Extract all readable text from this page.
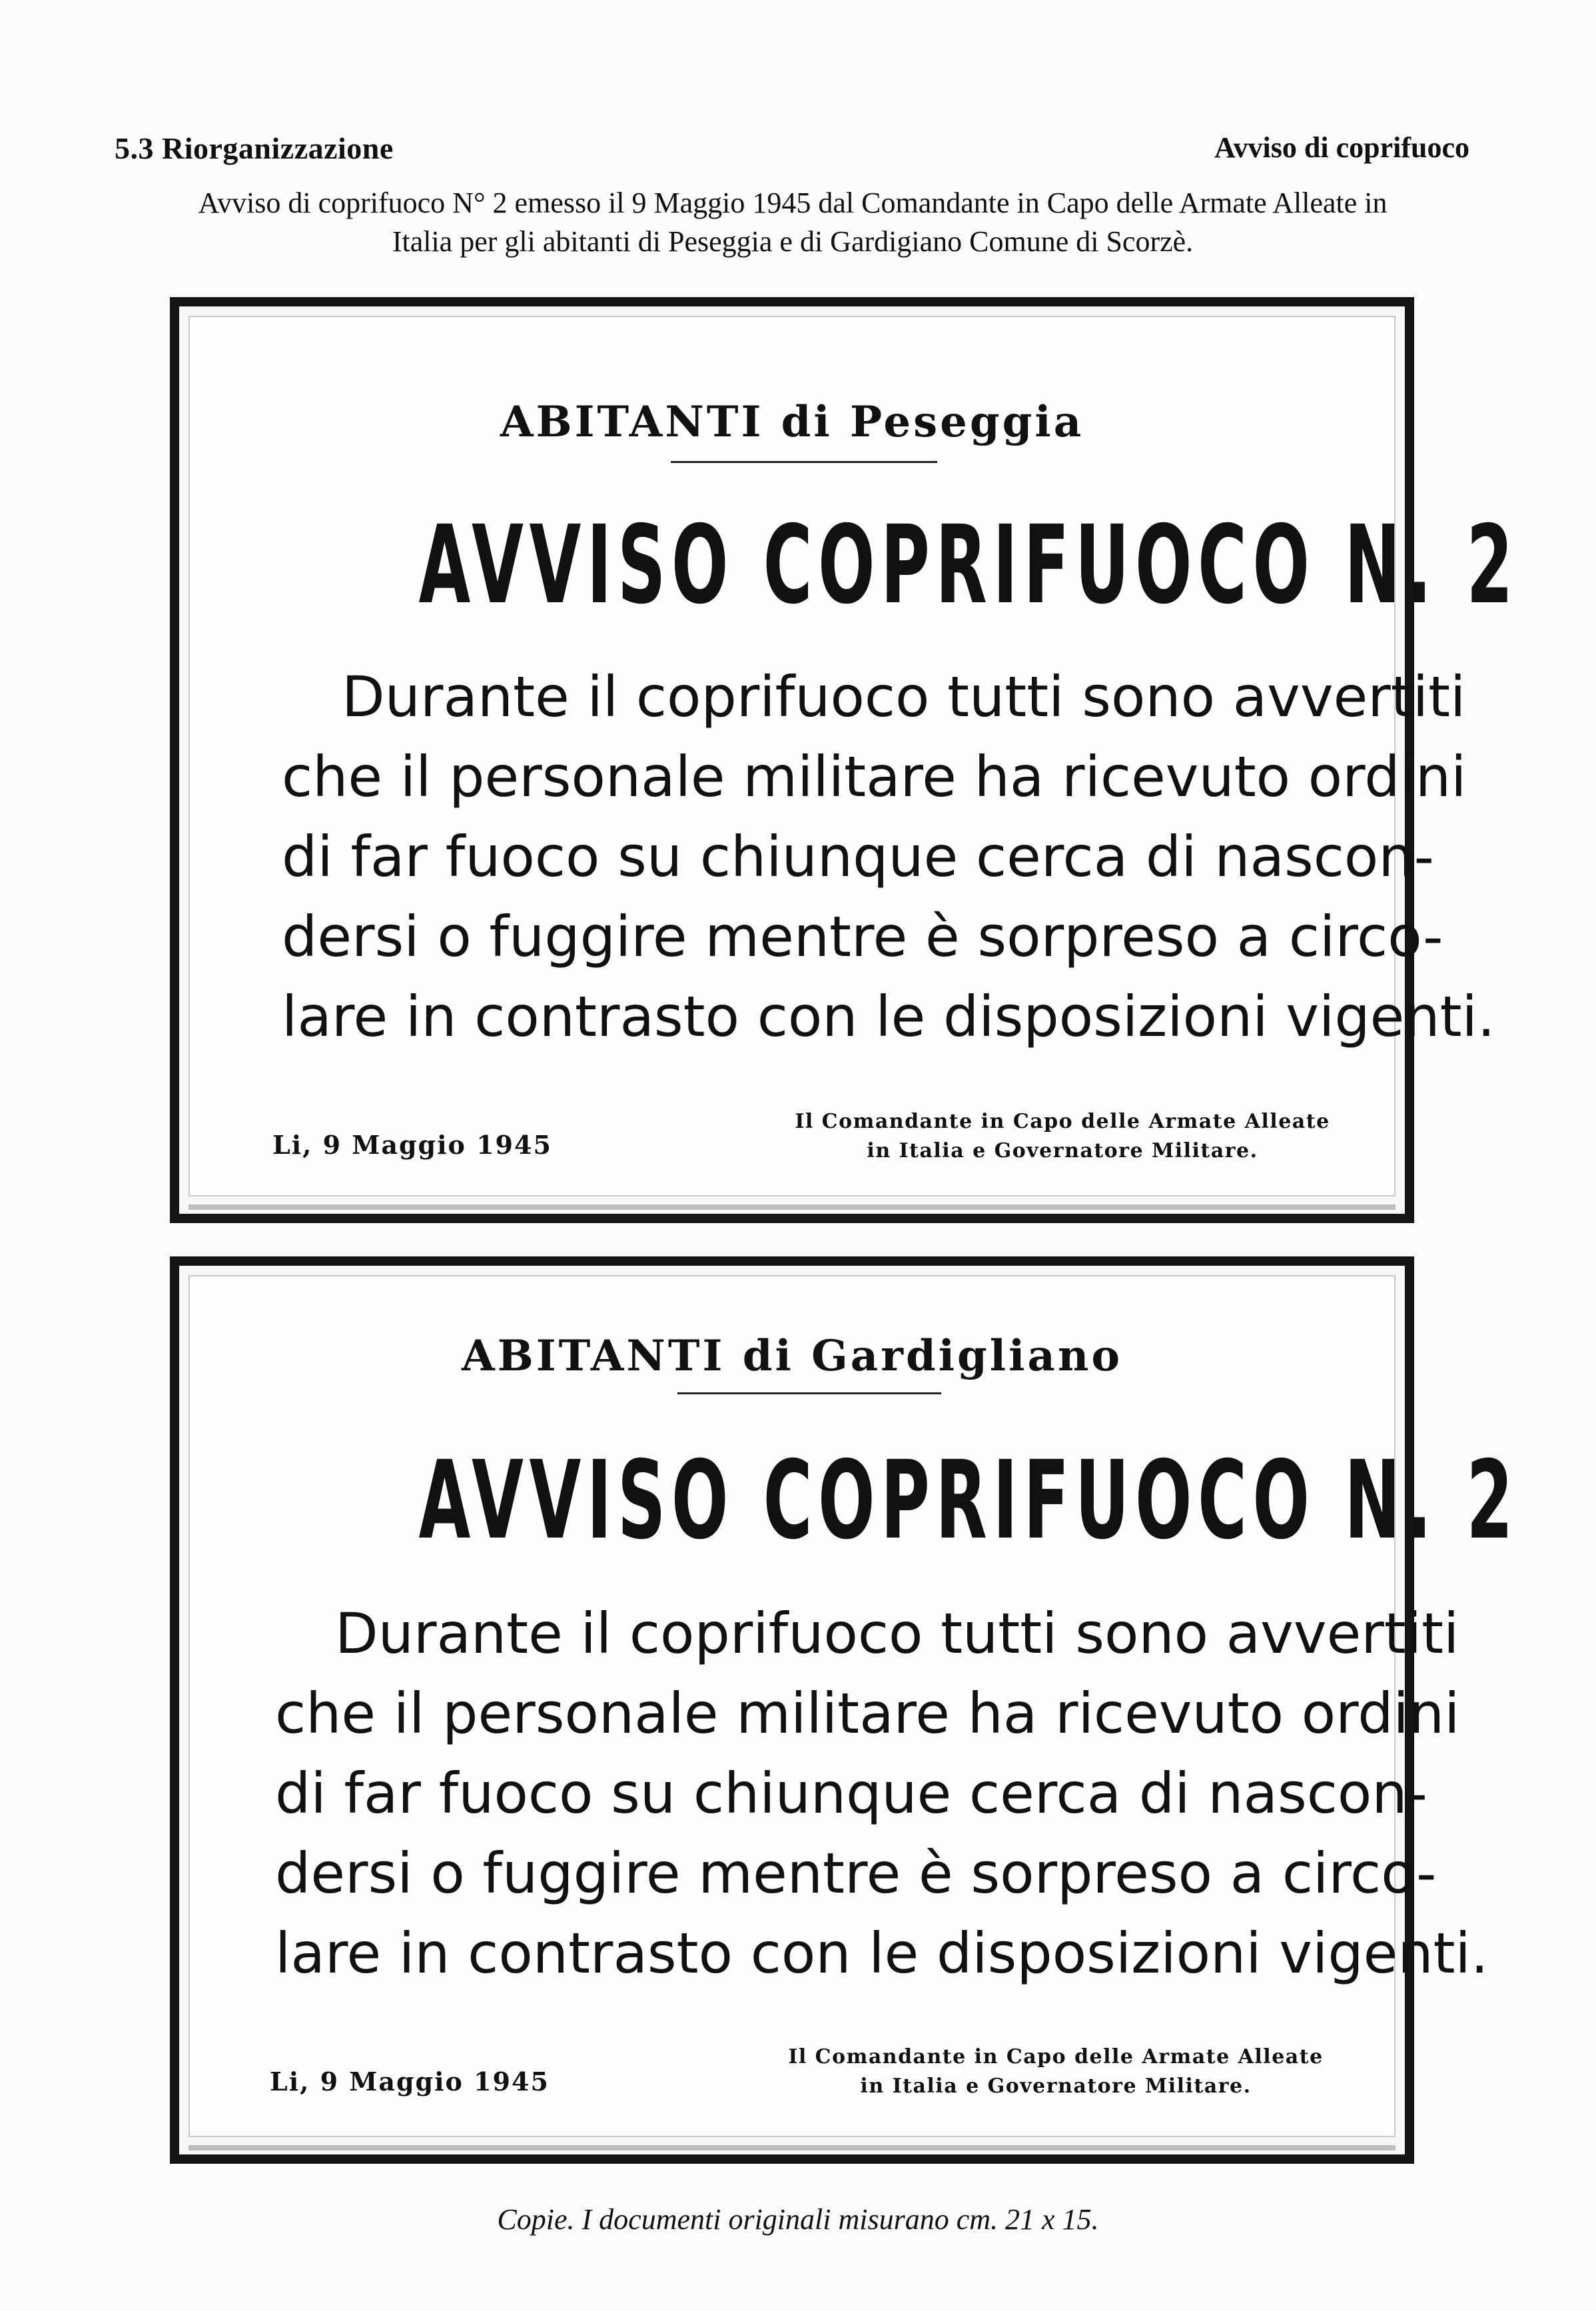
5.3 Riorganizzazione	Avviso di coprifuoco
Avviso di coprifuoco N° 2 emesso il 9 Maggio 1945 dal Comandante in Capo delle Armate Alleate in
Italia per gli abitanti di Peseggia e di Gardigiano Comune di Scorzè.
ABITANTI di Peseggia
AVVISO COPRIFUOCO N. 2
Durante il coprifuoco tutti sono avvertiti
che il personale militare ha ricevuto ordini
di far fuoco su chiunque cerca di nascon-
dersi o fuggire mentre è sorpreso a circo-
lare in contrasto con le disposizioni vigenti.
Li, 9 Maggio 1945
Il Comandante in Capo delle Armate Alleate
in Italia e Governatore Militare.
ABITANTI di Gardigliano
AVVISO COPRIFUOCO N. 2
Durante il coprifuoco tutti sono avvertiti
che il personale militare ha ricevuto ordini
di far fuoco su chiunque cerca di nascon-
dersi o fuggire mentre è sorpreso a circo-
lare in contrasto con le disposizioni vigenti.
Li, 9 Maggio 1945
Il Comandante in Capo delle Armate Alleate
in Italia e Governatore Militare.
Copie. I documenti originali misurano cm. 21 x 15.
